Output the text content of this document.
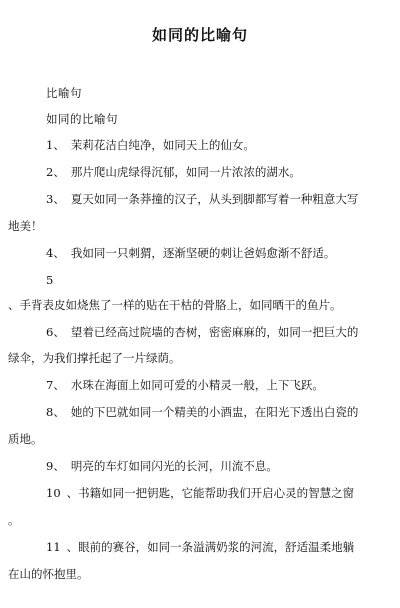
如同的比喻句
比喻句
如同的比喻句
1、 茉莉花洁白纯净，如同天上的仙女。
2、 那片爬山虎绿得沉郁，如同一片浓浓的湖水。
3、 夏天如同一条莽撞的汉子，从头到脚都写着一种粗意大写
地美！
4、 我如同一只刺猬，逐渐坚硬的刺让爸妈愈渐不舒适。
5
、手背表皮如烧焦了一样的贴在干枯的骨胳上，如同晒干的鱼片。
6、 望着已经高过院墙的杏树，密密麻麻的，如同一把巨大的
绿伞，为我们撑托起了一片绿荫。
7、 水珠在海面上如同可爱的小精灵一般，上下飞跃。
8、 她的下巴就如同一个精美的小酒盅，在阳光下透出白瓷的
质地。
9、 明亮的车灯如同闪光的长河，川流不息。
10 、书籍如同一把钥匙，它能帮助我们开启心灵的智慧之窗
。
11 、眼前的赛谷，如同一条溢满奶浆的河流，舒适温柔地躺
在山的怀抱里。
